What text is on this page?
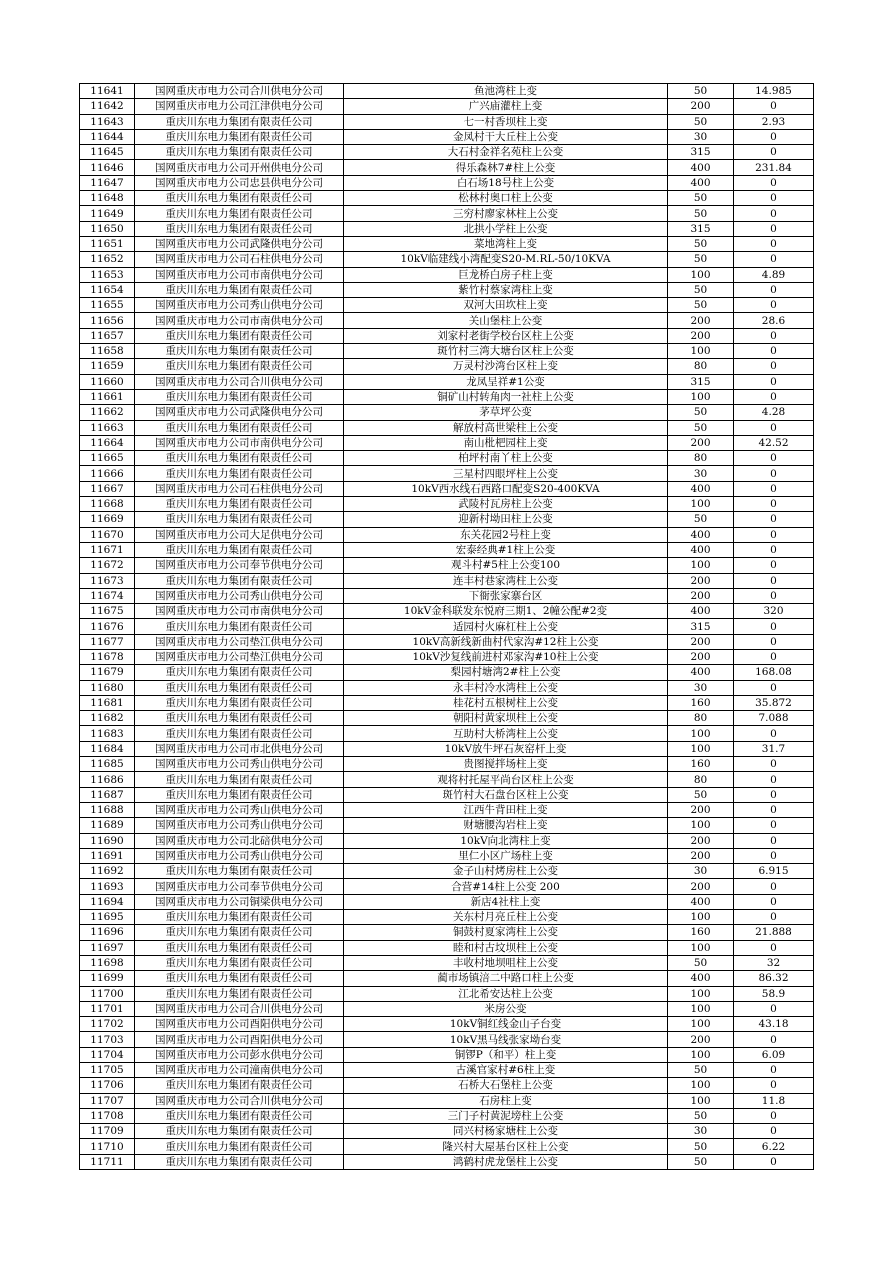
11641	国网重庆市电力公司合川供电分公司	鱼池湾柱上变	50	14.985
11642	国网重庆市电力公司江津供电分公司	广兴庙灌柱上变	200	0
11643	重庆川东电力集团有限责任公司	七一村香坝柱上变	50	2.93
11644	重庆川东电力集团有限责任公司	金凤村干大丘柱上公变	30	0
11645	重庆川东电力集团有限责任公司	大石村金祥名苑柱上公变	315	0
11646	国网重庆市电力公司开州供电分公司	得乐森林7#柱上公变	400	231.84
11647	国网重庆市电力公司忠县供电分公司	白石场18号柱上公变	400	0
11648	重庆川东电力集团有限责任公司	松林村奥口柱上公变	50	0
11649	重庆川东电力集团有限责任公司	三穷村廖家林柱上公变	50	0
11650	重庆川东电力集团有限责任公司	北拱小学柱上公变	315	0
11651	国网重庆市电力公司武隆供电分公司	菜地湾柱上变	50	0
11652	国网重庆市电力公司石柱供电分公司	10kV临建线小湾配变S20-M.RL-50/10KVA	50	0
11653	国网重庆市电力公司市南供电分公司	巨龙桥白房子柱上变	100	4.89
11654	重庆川东电力集团有限责任公司	紫竹村蔡家湾柱上变	50	0
11655	国网重庆市电力公司秀山供电分公司	双河大田坎柱上变	50	0
11656	国网重庆市电力公司市南供电分公司	关山堡柱上公变	200	28.6
11657	重庆川东电力集团有限责任公司	刘家村老街学校台区柱上公变	200	0
11658	重庆川东电力集团有限责任公司	斑竹村三湾大塘台区柱上公变	100	0
11659	重庆川东电力集团有限责任公司	万灵村沙湾台区柱上变	80	0
11660	国网重庆市电力公司合川供电分公司	龙凤呈祥#1公变	315	0
11661	重庆川东电力集团有限责任公司	铜矿山村转角肉一社柱上公变	100	0
11662	国网重庆市电力公司武隆供电分公司	茅草坪公变	50	4.28
11663	重庆川东电力集团有限责任公司	解放村高世梁柱上公变	50	0
11664	国网重庆市电力公司市南供电分公司	南山枇杷园柱上变	200	42.52
11665	重庆川东电力集团有限责任公司	柏坪村南丫柱上公变	80	0
11666	重庆川东电力集团有限责任公司	三星村四眼坪柱上公变	30	0
11667	国网重庆市电力公司石柱供电分公司	10kV西水线石西路口配变S20-400KVA	400	0
11668	重庆川东电力集团有限责任公司	武陵村瓦房柱上公变	100	0
11669	重庆川东电力集团有限责任公司	迎新村坳田柱上公变	50	0
11670	国网重庆市电力公司大足供电分公司	东关花园2号柱上变	400	0
11671	重庆川东电力集团有限责任公司	宏泰经典#1柱上公变	400	0
11672	国网重庆市电力公司奉节供电分公司	观斗村#5柱上公变100	100	0
11673	重庆川东电力集团有限责任公司	连丰村巷家湾柱上公变	200	0
11674	国网重庆市电力公司秀山供电分公司	下衙张家寨台区	200	0
11675	国网重庆市电力公司市南供电分公司	10kV金科联发东悦府三期1、2幢公配#2变	400	320
11676	重庆川东电力集团有限责任公司	适园村火麻杠柱上公变	315	0
11677	国网重庆市电力公司垫江供电分公司	10kV高新线新曲村代家沟#12柱上公变	200	0
11678	国网重庆市电力公司垫江供电分公司	10kV沙复线前进村邓家沟#10柱上公变	200	0
11679	重庆川东电力集团有限责任公司	梨园村塘湾2#柱上公变	400	168.08
11680	重庆川东电力集团有限责任公司	永丰村冷水湾柱上公变	30	0
11681	重庆川东电力集团有限责任公司	桂花村五根树柱上公变	160	35.872
11682	重庆川东电力集团有限责任公司	朝阳村黄家坝柱上公变	80	7.088
11683	重庆川东电力集团有限责任公司	互助村大桥湾柱上公变	100	0
11684	国网重庆市电力公司市北供电分公司	10kV放牛坪石灰窑杆上变	100	31.7
11685	国网重庆市电力公司秀山供电分公司	贵图搅拌场柱上变	160	0
11686	重庆川东电力集团有限责任公司	观将村托屋平尚台区柱上公变	80	0
11687	重庆川东电力集团有限责任公司	斑竹村大石盘台区柱上公变	50	0
11688	国网重庆市电力公司秀山供电分公司	江西牛背田柱上变	200	0
11689	国网重庆市电力公司秀山供电分公司	财塘腰沟岩柱上变	100	0
11690	国网重庆市电力公司北碚供电分公司	10kV向北湾柱上变	200	0
11691	国网重庆市电力公司秀山供电分公司	里仁小区广场柱上变	200	0
11692	重庆川东电力集团有限责任公司	金子山村烤房柱上公变	30	6.915
11693	国网重庆市电力公司奉节供电分公司	合营#14柱上公变 200	200	0
11694	国网重庆市电力公司铜梁供电分公司	新店4社柱上变	400	0
11695	重庆川东电力集团有限责任公司	关东村月亮丘柱上公变	100	0
11696	重庆川东电力集团有限责任公司	铜鼓村夏家湾柱上公变	160	21.888
11697	重庆川东电力集团有限责任公司	睦和村古坟坝柱上公变	100	0
11698	重庆川东电力集团有限责任公司	丰收村地坝咀柱上公变	50	32
11699	重庆川东电力集团有限责任公司	蔺市场镇涪二中路口柱上公变	400	86.32
11700	重庆川东电力集团有限责任公司	江北希安达柱上公变	100	58.9
11701	国网重庆市电力公司合川供电分公司	米房公变	100	0
11702	国网重庆市电力公司酉阳供电分公司	10kV铜红线金山子台变	100	43.18
11703	国网重庆市电力公司酉阳供电分公司	10kV黑马线张家坳台变	200	0
11704	国网重庆市电力公司彭水供电分公司	铜锣P（和平）柱上变	100	6.09
11705	国网重庆市电力公司潼南供电分公司	古溪官家村#6柱上变	50	0
11706	重庆川东电力集团有限责任公司	石桥大石堡柱上公变	100	0
11707	国网重庆市电力公司合川供电分公司	石房柱上变	100	11.8
11708	重庆川东电力集团有限责任公司	三门子村黄泥塝柱上公变	50	0
11709	重庆川东电力集团有限责任公司	同兴村杨家塘柱上公变	30	0
11710	重庆川东电力集团有限责任公司	隆兴村大屋基台区柱上公变	50	6.22
11711	重庆川东电力集团有限责任公司	鸿鹤村虎龙堡柱上公变	50	0
